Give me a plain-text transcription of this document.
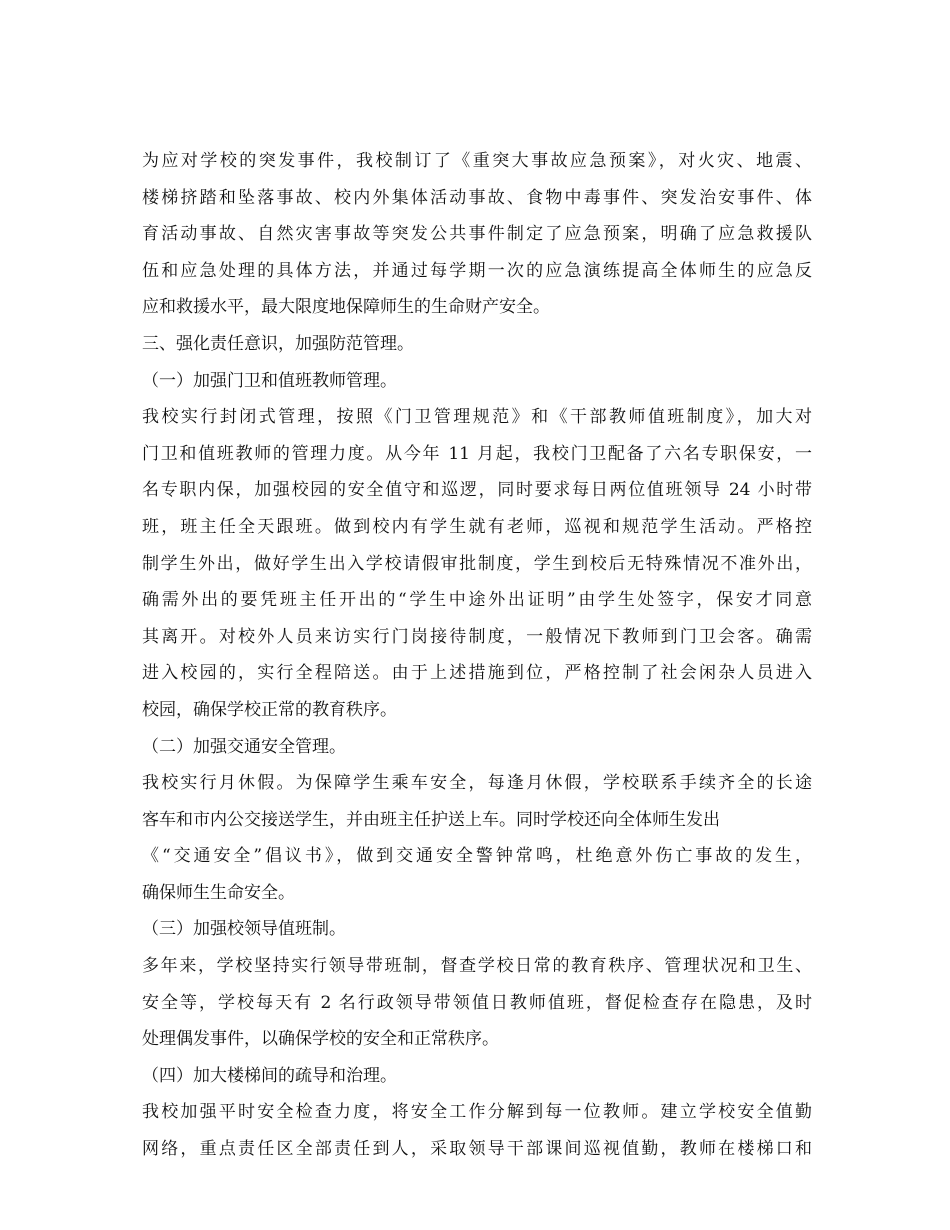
为应对学校的突发事件，我校制订了《重突大事故应急预案》，对火灾、地震、
楼梯挤踏和坠落事故、校内外集体活动事故、食物中毒事件、突发治安事件、体
育活动事故、自然灾害事故等突发公共事件制定了应急预案，明确了应急救援队
伍和应急处理的具体方法，并通过每学期一次的应急演练提高全体师生的应急反
应和救援水平，最大限度地保障师生的生命财产安全。
三、强化责任意识，加强防范管理。
（一）加强门卫和值班教师管理。
我校实行封闭式管理，按照《门卫管理规范》和《干部教师值班制度》，加大对
门卫和值班教师的管理力度。从今年 11 月起，我校门卫配备了六名专职保安，一
名专职内保，加强校园的安全值守和巡逻，同时要求每日两位值班领导 24 小时带
班，班主任全天跟班。做到校内有学生就有老师，巡视和规范学生活动。严格控
制学生外出，做好学生出入学校请假审批制度，学生到校后无特殊情况不准外出，
确需外出的要凭班主任开出的“学生中途外出证明”由学生处签字，保安才同意
其离开。对校外人员来访实行门岗接待制度，一般情况下教师到门卫会客。确需
进入校园的，实行全程陪送。由于上述措施到位，严格控制了社会闲杂人员进入
校园，确保学校正常的教育秩序。
（二）加强交通安全管理。
我校实行月休假。为保障学生乘车安全，每逢月休假，学校联系手续齐全的长途
客车和市内公交接送学生，并由班主任护送上车。同时学校还向全体师生发出
《“交通安全”倡议书》，做到交通安全警钟常鸣，杜绝意外伤亡事故的发生，
确保师生生命安全。
（三）加强校领导值班制。
多年来，学校坚持实行领导带班制，督查学校日常的教育秩序、管理状况和卫生、
安全等，学校每天有 2 名行政领导带领值日教师值班，督促检查存在隐患，及时
处理偶发事件，以确保学校的安全和正常秩序。
（四）加大楼梯间的疏导和治理。
我校加强平时安全检查力度，将安全工作分解到每一位教师。建立学校安全值勤
网络，重点责任区全部责任到人，采取领导干部课间巡视值勤，教师在楼梯口和
